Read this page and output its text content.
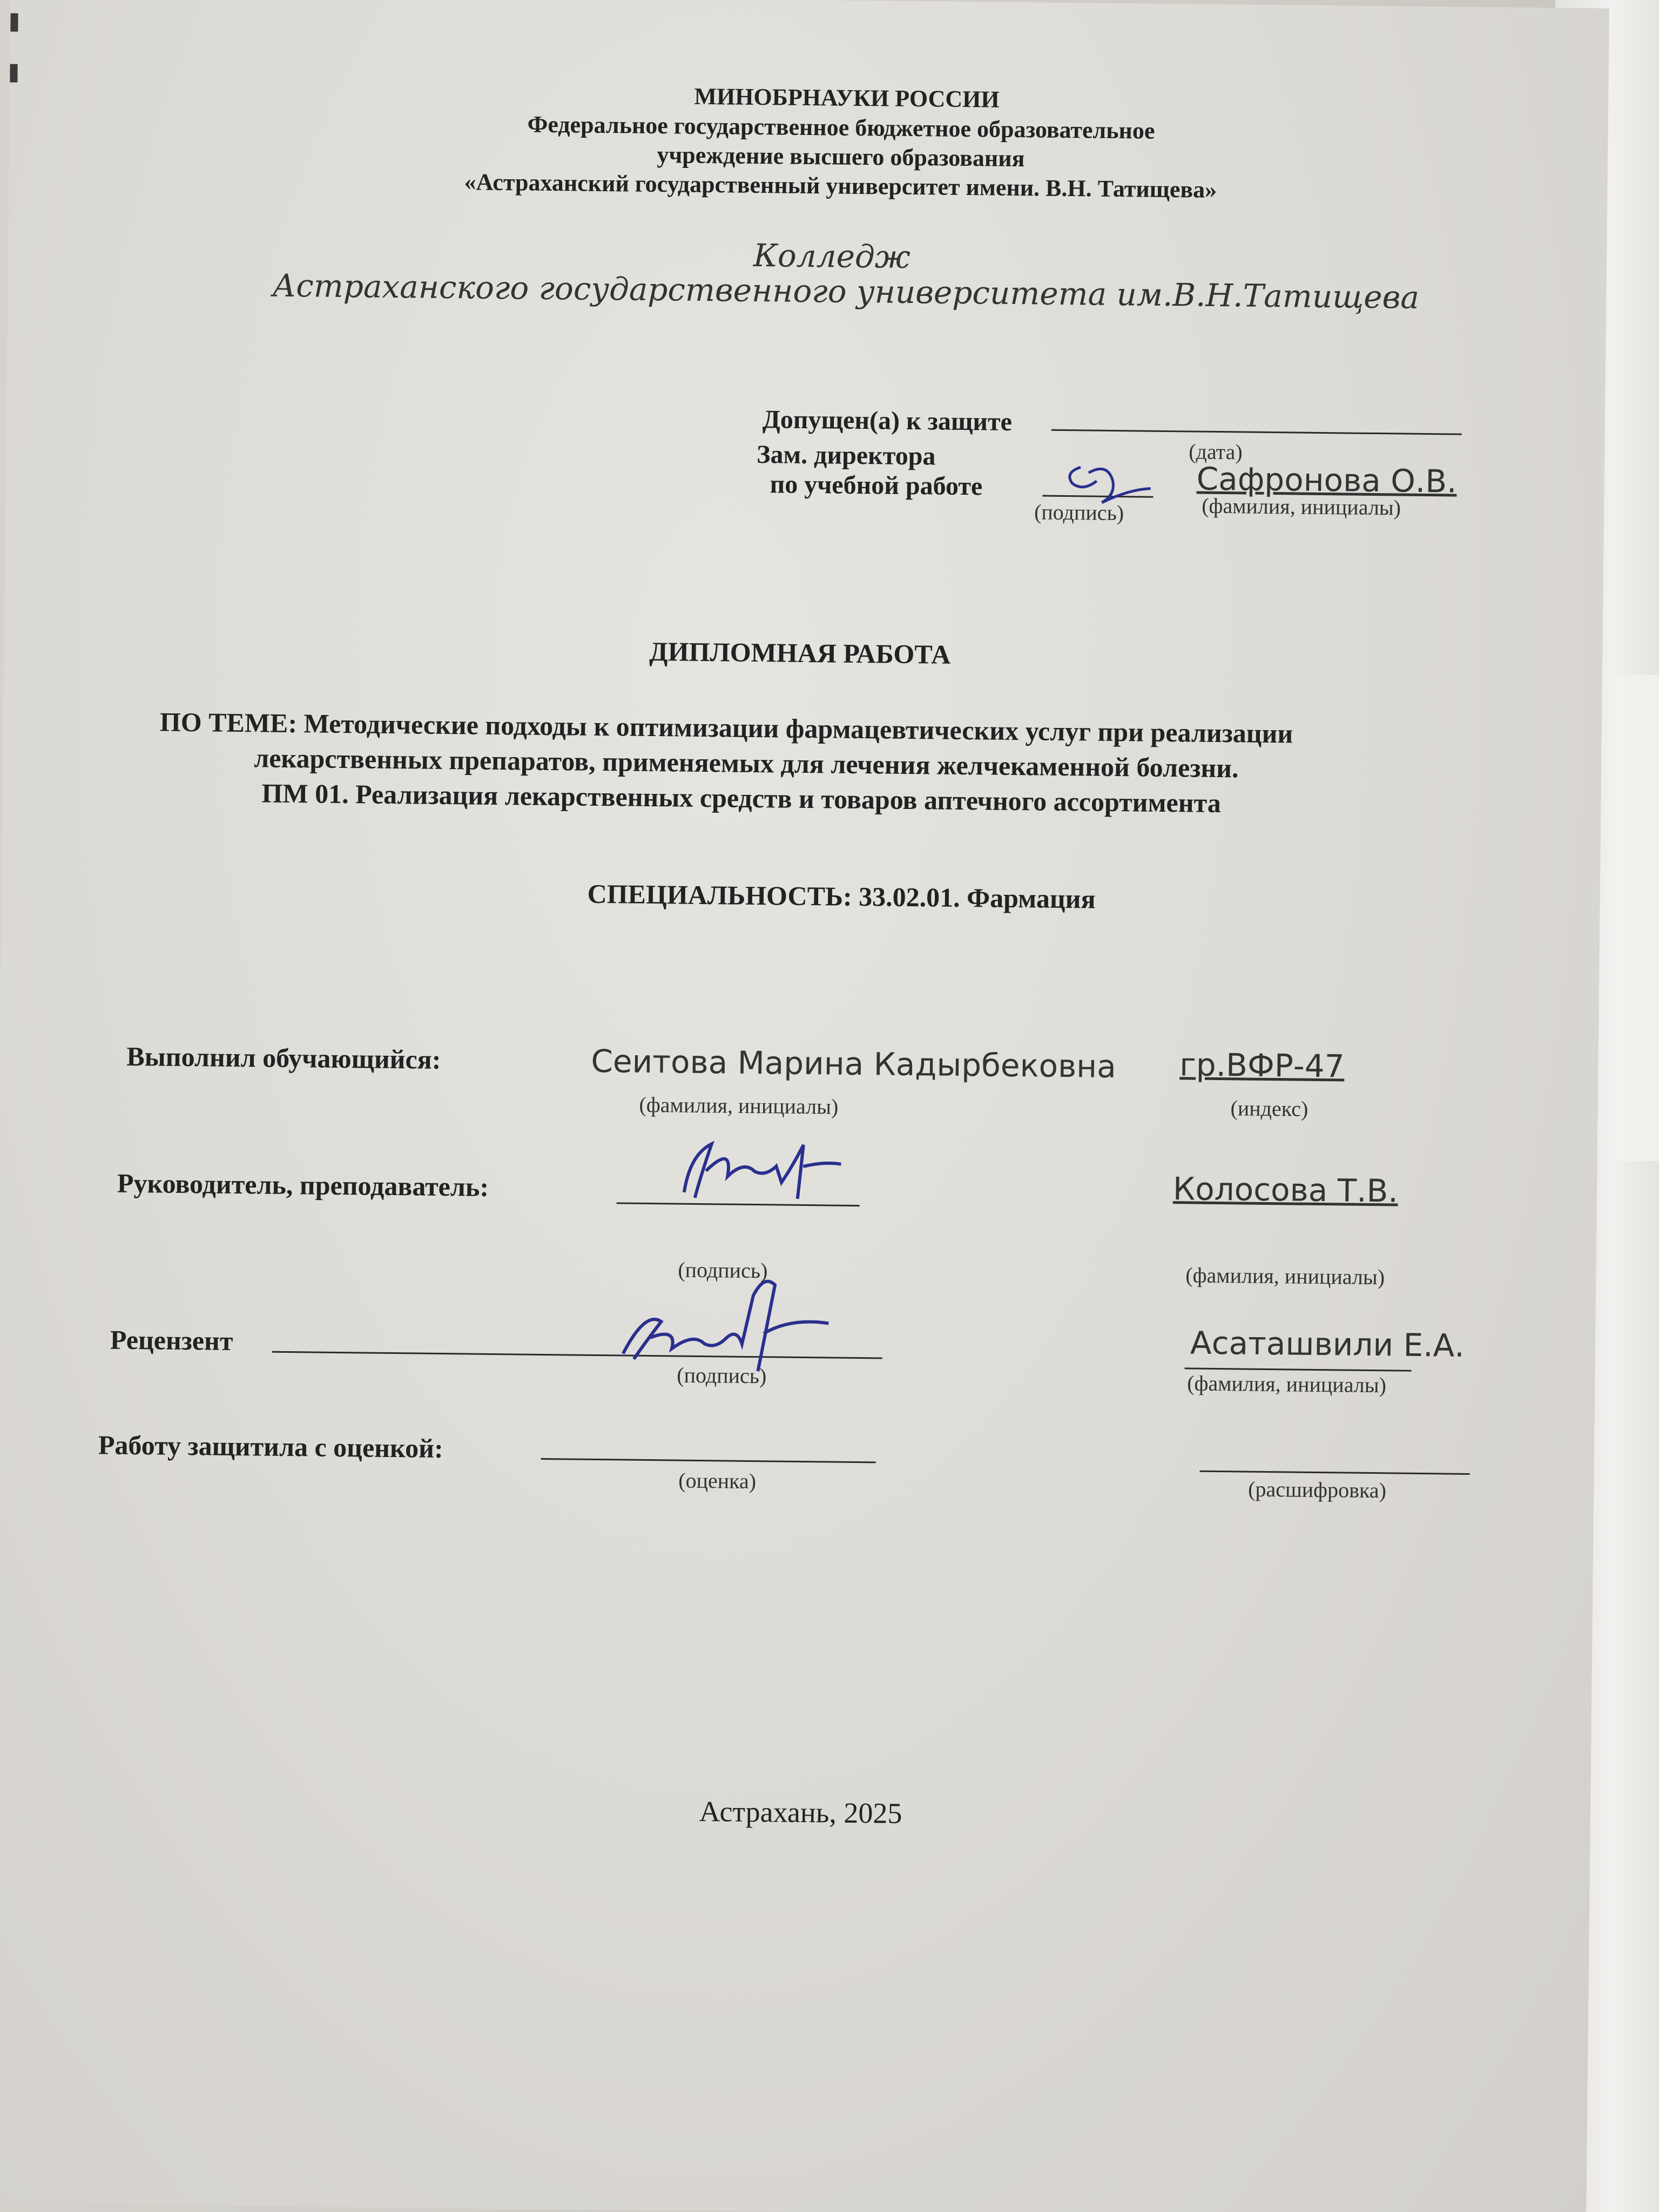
МИНОБРНАУКИ РОССИИ
Федеральное государственное бюджетное образовательное
учреждение высшего образования
«Астраханский государственный университет имени. В.Н. Татищева»
Колледж
Астраханского государственного университета им.В.Н.Татищева
Допущен(а) к защите
(дата)
Зам. директора
по учебной работе
(подпись)
Сафронова О.В.
(фамилия, инициалы)
ДИПЛОМНАЯ РАБОТА
ПО ТЕМЕ: Методические подходы к оптимизации фармацевтических услуг при реализации
лекарственных препаратов, применяемых для лечения желчекаменной болезни.
ПМ 01. Реализация лекарственных средств и товаров аптечного ассортимента
СПЕЦИАЛЬНОСТЬ: 33.02.01. Фармация
Выполнил обучающийся:	Сеитова Марина Кадырбековна
(фамилия, инициалы)
гр.ВФР-47
(индекс)
Руководитель, преподаватель:
(подпись)
Колосова Т.В.
(фамилия, инициалы)
Рецензент
(подпись)
Асаташвили Е.А.
(фамилия, инициалы)
Работу защитила с оценкой:
(оценка)	(расшифровка)
Астрахань, 2025
